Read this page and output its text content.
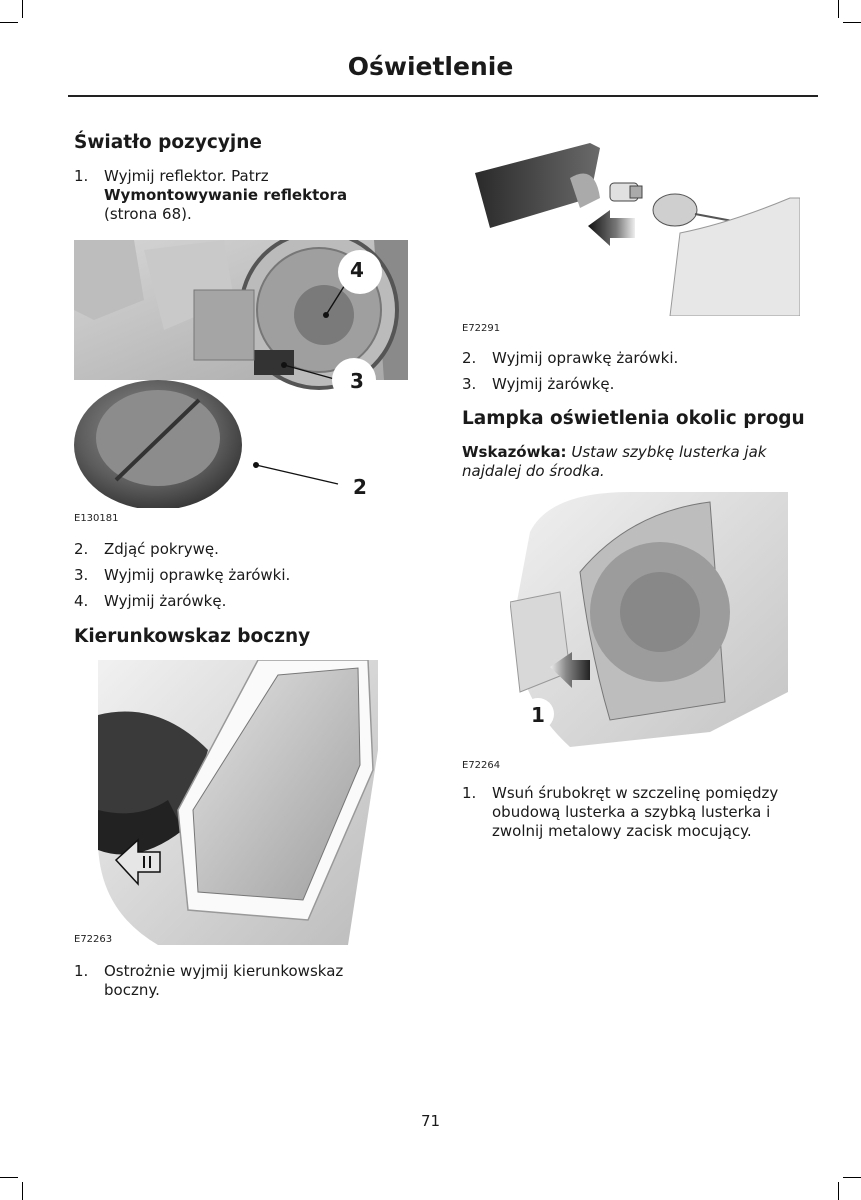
Oświetlenie
Światło pozycyjne
1. Wyjmij reflektor. Patrz
Wymontowywanie reflektora
(strona 68).
4
3
2
E130181
2. Zdjąć pokrywę.
3. Wyjmij oprawkę żarówki.
4. Wyjmij żarówkę.
Kierunkowskaz boczny
E72263
1. Ostrożnie wyjmij kierunkowskaz
boczny.
E72291
2. Wyjmij oprawkę żarówki.
3. Wyjmij żarówkę.
Lampka oświetlenia okolic progu
Wskazówka: Ustaw szybkę lusterka jak
najdalej do środka.
1
E72264
1. Wsuń śrubokręt w szczelinę pomiędzy
obudową lusterka a szybką lusterka i
zwolnij metalowy zacisk mocujący.
71
